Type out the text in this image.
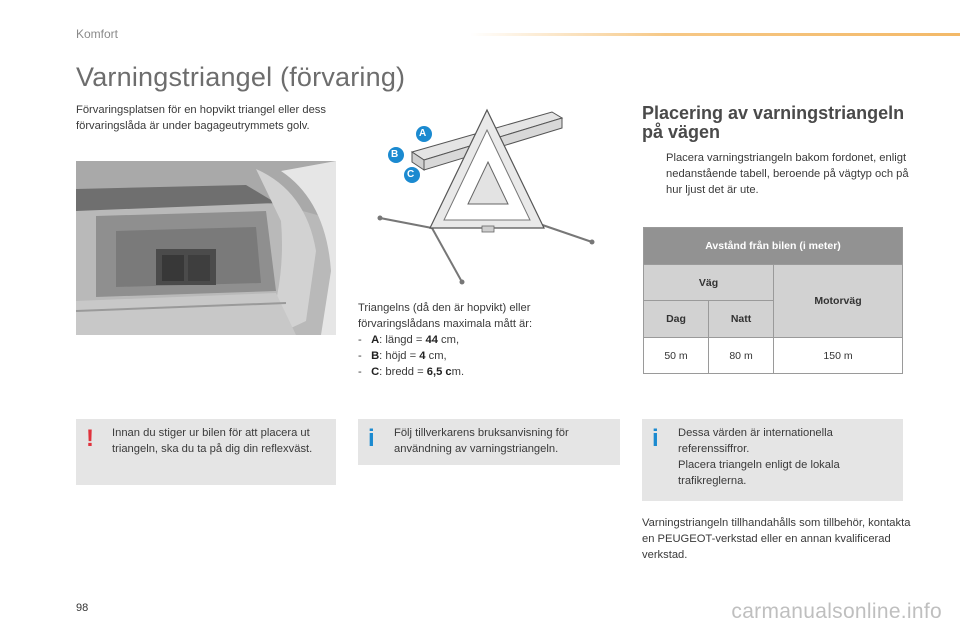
Komfort
Varningstriangel (förvaring)

Förvaringsplatsen för en hopvikt triangel eller dess förvaringslåda är under bagageutrymmets golv.

A
B
C
Triangelns (då den är hopvikt) eller förvaringslådans maximala mått är:
- A: längd = 44 cm,
- B: höjd = 4 cm,
- C: bredd = 6,5 cm.
Placering av varningstriangeln på vägen
Placera varningstriangeln bakom fordonet, enligt nedanstående tabell, beroende på vägtyp och på hur ljust det är ute.
Avstånd från bilen (i meter)		
Väg		Motorväg
Dag	Natt	
50 m	80 m	150 m
! Innan du stiger ur bilen för att placera ut triangeln, ska du ta på dig din reflexväst.	i Följ tillverkarens bruksanvisning för användning av varningstriangeln.	i Dessa värden är internationella referenssiffror.
Placera triangeln enligt de lokala trafikreglerna.

Varningstriangeln tillhandahålls som tillbehör, kontakta en PEUGEOT-verkstad eller en annan kvalificerad verkstad.

98	carmanualsonline.info
